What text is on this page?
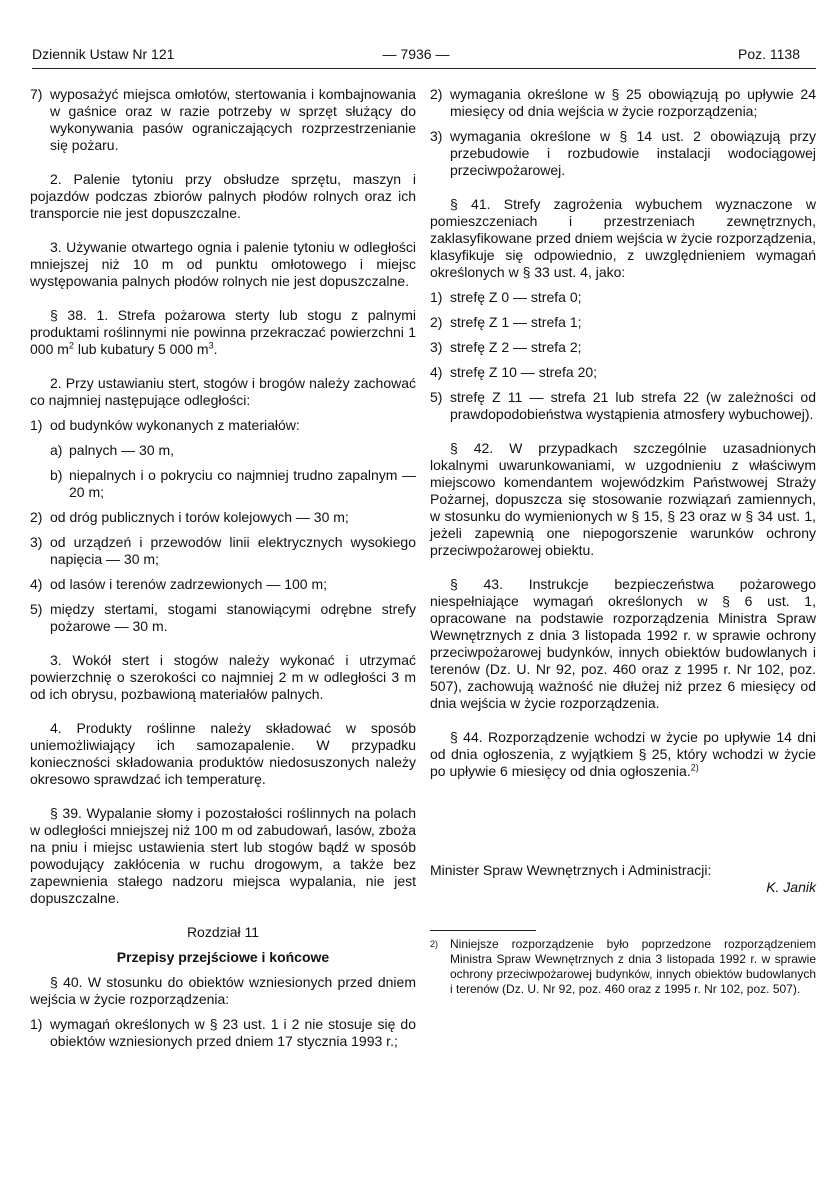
Dziennik Ustaw Nr 121	— 7936 —	Poz. 1138
7) wyposażyć miejsca omłotów, stertowania i kombajnowania w gaśnice oraz w razie potrzeby w sprzęt służący do wykonywania pasów ograniczających rozprzestrzenianie się pożaru.

2. Palenie tytoniu przy obsłudze sprzętu, maszyn i pojazdów podczas zbiorów palnych płodów rolnych oraz ich transporcie nie jest dopuszczalne.

3. Używanie otwartego ognia i palenie tytoniu w odległości mniejszej niż 10 m od punktu omłotowego i miejsc występowania palnych płodów rolnych nie jest dopuszczalne.

§ 38. 1. Strefa pożarowa sterty lub stogu z palnymi produktami roślinnymi nie powinna przekraczać powierzchni 1 000 $m^2$ lub kubatury 5 000 $m^3$.

2. Przy ustawianiu stert, stogów i brogów należy zachować co najmniej następujące odległości:

1) od budynków wykonanych z materiałów:
a) palnych — 30 m,
b) niepalnych i o pokryciu co najmniej trudno zapalnym — 20 m;
2) od dróg publicznych i torów kolejowych — 30 m;
3) od urządzeń i przewodów linii elektrycznych wysokiego napięcia — 30 m;
4) od lasów i terenów zadrzewionych — 100 m;
5) między stertami, stogami stanowiącymi odrębne strefy pożarowe — 30 m.

3. Wokół stert i stogów należy wykonać i utrzymać powierzchnię o szerokości co najmniej 2 m w odległości 3 m od ich obrysu, pozbawioną materiałów palnych.

4. Produkty roślinne należy składować w sposób uniemożliwiający ich samozapalenie. W przypadku konieczności składowania produktów niedosuszonych należy okresowo sprawdzać ich temperaturę.

§ 39. Wypalanie słomy i pozostałości roślinnych na polach w odległości mniejszej niż 100 m od zabudowań, lasów, zboża na pniu i miejsc ustawienia stert lub stogów bądź w sposób powodujący zakłócenia w ruchu drogowym, a także bez zapewnienia stałego nadzoru miejsca wypalania, nie jest dopuszczalne.

Rozdział 11

Przepisy przejściowe i końcowe

§ 40. W stosunku do obiektów wzniesionych przed dniem wejścia w życie rozporządzenia:

1) wymagań określonych w § 23 ust. 1 i 2 nie stosuje się do obiektów wzniesionych przed dniem 17 stycznia 1993 r.;
2) wymagania określone w § 25 obowiązują po upływie 24 miesięcy od dnia wejścia w życie rozporządzenia;
3) wymagania określone w § 14 ust. 2 obowiązują przy przebudowie i rozbudowie instalacji wodociągowej przeciwpożarowej.

§ 41. Strefy zagrożenia wybuchem wyznaczone w pomieszczeniach i przestrzeniach zewnętrznych, zaklasyfikowane przed dniem wejścia w życie rozporządzenia, klasyfikuje się odpowiednio, z uwzględnieniem wymagań określonych w § 33 ust. 4, jako:

1) strefę Z 0 — strefa 0;
2) strefę Z 1 — strefa 1;
3) strefę Z 2 — strefa 2;
4) strefę Z 10 — strefa 20;
5) strefę Z 11 — strefa 21 lub strefa 22 (w zależności od prawdopodobieństwa wystąpienia atmosfery wybuchowej).

§ 42. W przypadkach szczególnie uzasadnionych lokalnymi uwarunkowaniami, w uzgodnieniu z właściwym miejscowo komendantem wojewódzkim Państwowej Straży Pożarnej, dopuszcza się stosowanie rozwiązań zamiennych, w stosunku do wymienionych w § 15, § 23 oraz w § 34 ust. 1, jeżeli zapewnią one niepogorszenie warunków ochrony przeciwpożarowej obiektu.

§ 43. Instrukcje bezpieczeństwa pożarowego niespełniające wymagań określonych w § 6 ust. 1, opracowane na podstawie rozporządzenia Ministra Spraw Wewnętrznych z dnia 3 listopada 1992 r. w sprawie ochrony przeciwpożarowej budynków, innych obiektów budowlanych i terenów (Dz. U. Nr 92, poz. 460 oraz z 1995 r. Nr 102, poz. 507), zachowują ważność nie dłużej niż przez 6 miesięcy od dnia wejścia w życie rozporządzenia.

§ 44. Rozporządzenie wchodzi w życie po upływie 14 dni od dnia ogłoszenia, z wyjątkiem § 25, który wchodzi w życie po upływie 6 miesięcy od dnia ogłoszenia.$^{2)}$

Minister Spraw Wewnętrznych i Administracji:

K. Janik

2) Niniejsze rozporządzenie było poprzedzone rozporządzeniem Ministra Spraw Wewnętrznych z dnia 3 listopada 1992 r. w sprawie ochrony przeciwpożarowej budynków, innych obiektów budowlanych i terenów (Dz. U. Nr 92, poz. 460 oraz z 1995 r. Nr 102, poz. 507).
